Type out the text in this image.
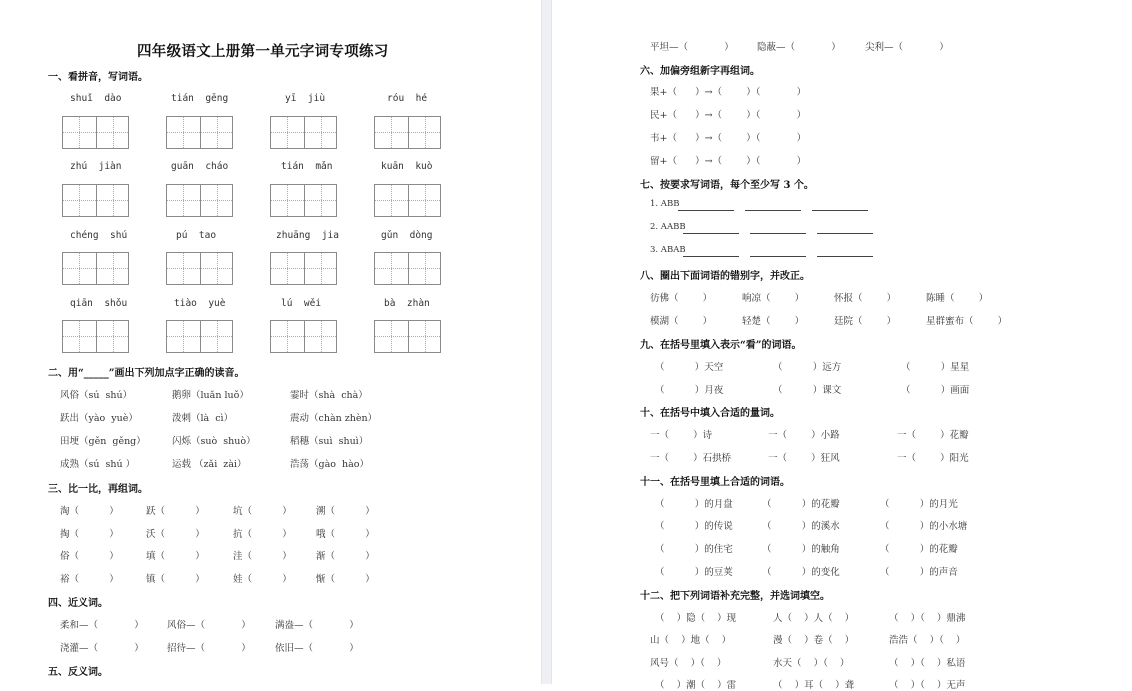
四年级语文上册第一单元字词专项练习
一、看拼音，写词语。
shuǐ  dào	tián  gēng	yī  jiù	róu  hé
zhú  jiàn	guān  cháo	tián  mǎn	kuān  kuò
chéng  shú	pú  tao	zhuāng  jia	gǔn  dòng
qiān  shǒu	tiào  yuè	lú  wěi	bà  zhàn
二、用“_____”画出下列加点字正确的读音。
风俗（sú  shú）	鹅卵（luǎn luǒ）	霎时（shà  chà）
跃出（yào  yuè）	泼刺（là  cì）	震动（chàn zhèn）
田埂（gěn  gěng）	闪烁（suò  shuò）	稻穗（suì  shuì）
成熟（sú  shú ）	运载 （zǎi  zài）	浩荡（gào  hào）
三、比一比，再组词。
淘（          ）	跃（          ）	坑（          ）	溯（          ）
掏（          ）	沃（          ）	抗（          ）	哦（          ）
俗（          ）	填（          ）	洼（          ）	渐（          ）
裕（          ）	镇（          ）	娃（          ）	惭（          ）
四、近义词。
柔和—（            ） 风俗—（            ）	满盎—（            ）
浇灌—（            ） 招待—（            ）	依旧—（            ）
五、反义词。
平坦—（            ） 隐蔽—（            ）	尖利—（            ）
六、加偏旁组新字再组词。
果+（      ）→（        ）（            ）
民+（      ）→（        ）（            ）
韦+（      ）→（        ）（            ）
留+（      ）→（        ）（            ）
七、按要求写词语，每个至少写 3 个。
1. ABB
2. AABB
3. ABAB
八、圈出下面词语的错别字，并改正。
彷佛（        ）	响凉（        ）	怀报（        ）	陈睡（        ）
模湖（        ）	轻楚（        ）	廷院（        ）	星群蜜布（        ）
九、在括号里填入表示“看”的词语。
（          ）天空	（          ）远方	（          ）星星
（          ）月夜	（          ）课文	（          ）画面
十、在括号中填入合适的量词。
一（        ）诗	一（        ）小路	一（        ）花瓣
一（        ）石拱桥	一（        ）狂风	一（        ）阳光
十一、在括号里填上合适的词语。
（          ）的月盘	（          ）的花瓣	（          ）的月光
（          ）的传说	（          ）的溪水	（          ）的小水塘
（          ）的住宅	（          ）的触角	（          ）的花瓣
（          ）的豆荚	（          ）的变化	（          ）的声音
十二、把下列词语补充完整，并选词填空。
（    ）隐（    ）现	人（    ）人（    ）	（    ）（    ）鼎沸
山（    ）地（    ）	漫（    ）卷（    ）	浩浩（    ）（    ）
风号（    ）（    ）	水天（    ）（    ）	（    ）（    ）私语
（    ）潮（    ）雷	（    ）耳（    ）聋	（    ）（    ）无声
